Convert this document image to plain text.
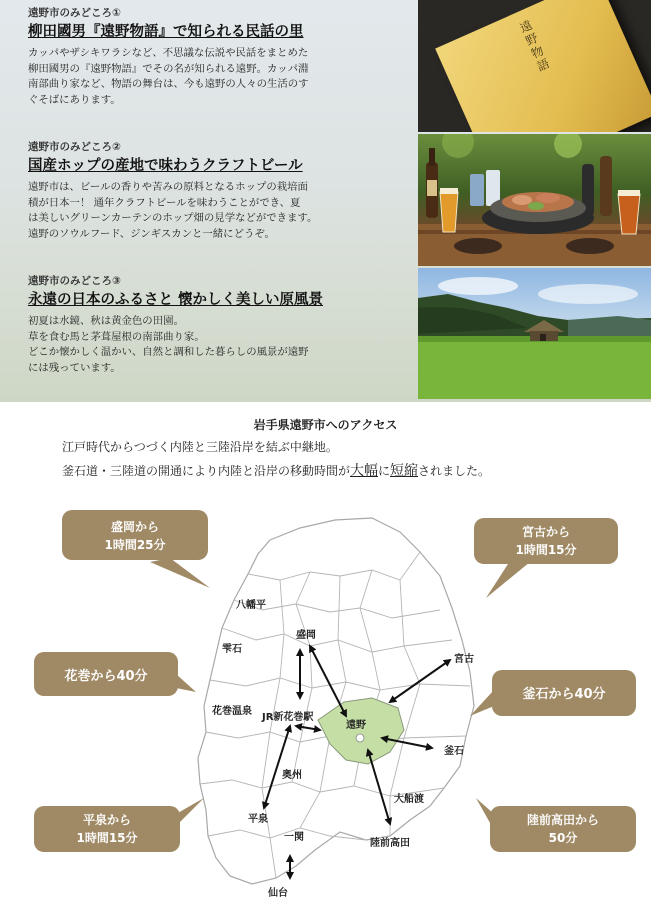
遠野市のみどころ①
柳田國男『遠野物語』で知られる民話の里
カッパやザシキワラシなど、不思議な伝説や民話をまとめた
柳田國男の『遠野物語』でその名が知られる遠野。カッパ淵
南部曲り家など、物語の舞台は、今も遠野の人々の生活のす
ぐそばにあります。
遠野市のみどころ②
国産ホップの産地で味わうクラフトビール
遠野市は、ビールの香りや苦みの原料となるホップの栽培面
積が日本一！ 通年クラフトビールを味わうことができ、夏
は美しいグリーンカーテンのホップ畑の見学などができます。
遠野のソウルフード、ジンギスカンと一緒にどうぞ。
遠野市のみどころ③
永遠の日本のふるさと 懐かしく美しい原風景
初夏は水鏡、秋は黄金色の田園。
草を食む馬と茅葺屋根の南部曲り家。
どこか懐かしく温かい、自然と調和した暮らしの風景が遠野
には残っています。
遠野物語
岩手県遠野市へのアクセス
江戸時代からつづく内陸と三陸沿岸を結ぶ中継地。
釜石道・三陸道の開通により内陸と沿岸の移動時間が大幅に短縮されました。
八幡平
雫石
盛岡
宮古
花巻温泉
JR新花巻駅
遠野
釜石
奥州
大船渡
平泉
一関
陸前高田
仙台
盛岡から
1時間25分
宮古から
1時間15分
花巻から40分
釜石から40分
平泉から
1時間15分
陸前高田から
50分
